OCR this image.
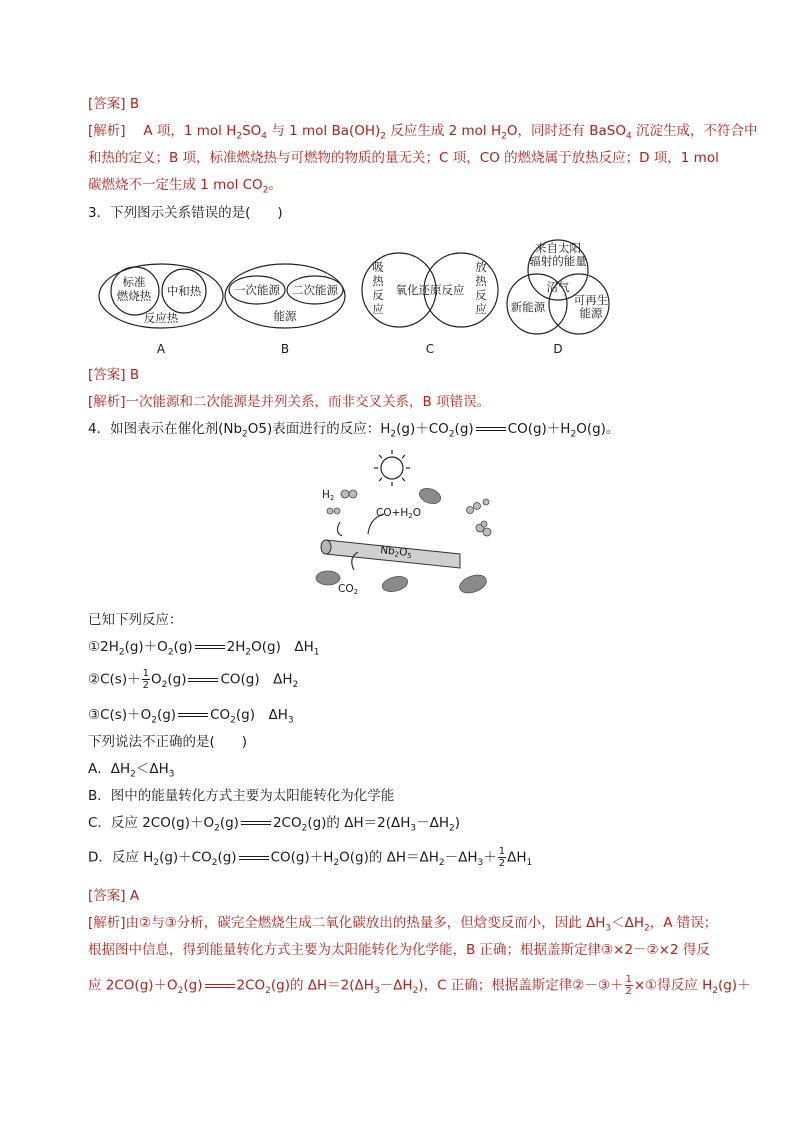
[答案] B
[解析]　 A 项，1 mol $H_2SO_4$ 与 1 mol $Ba(OH)_2$ 反应生成 2 mol $H_2O$，同时还有 BaSO$_4$ 沉淀生成，不符合中
和热的定义；B 项，标准燃烧热与可燃物的物质的量无关；C 项，CO 的燃烧属于放热反应；D 项，1 mol
碳燃烧不一定生成 1 mol $CO_2$。
3．下列图示关系错误的是(　　)
标准
燃烧热 中和热
反应热
一次能源 二次能源
能源
吸
热
反
应
放
热
反
应
氧化还原反应
来自太阳
辐射的能量
沼气
新能源 可再生
能源
A	B	C	D
[答案] B
[解析]一次能源和二次能源是并列关系，而非交叉关系，B 项错误。
4．如图表示在催化剂$(Nb_2O5)$表面进行的反应：$H_2(g)+CO_2(g)$	$CO(g)+H_2O(g)$。
H2
CO+H2O
Nb2O5
CO2
已知下列反应：
$①2H_2(g)+O_2(g)$	$2H_2O(g)$　$\Delta H_1$
②C(s)＋ $\frac{1}{2} O_2(g)$	CO(g)　$\Delta H_2$
$③C(s)+O_2(g)$	$CO_2(g)$　$\Delta H_3$
下列说法不正确的是(　　)
A．$\Delta H_2<\Delta H_3$
B．图中的能量转化方式主要为太阳能转化为化学能
C．反应 $2CO(g)+O_2(g)$	$2CO_2(g)$的 $\Delta H=2(\Delta H_3-\Delta H_2)$
D．反应 $H_2(g)+CO_2(g)$	$CO(g)+H_2O(g)$的 $\Delta H=\Delta H_2-\Delta H_3+ \frac{1}{2} \Delta H_1$
[答案] A
[解析]由②与③分析，碳完全燃烧生成二氧化碳放出的热量多，但焓变反而小，因此 $\Delta H_3<\Delta H_2$，A 错误；
根据图中信息，得到能量转化方式主要为太阳能转化为化学能，B 正确；根据盖斯定律③×2－②×2 得反
应 $2CO(g)+O_2(g)$	$2CO_2(g)$的 $\Delta H=2(\Delta H_3-\Delta H_2)$，C 正确；根据盖斯定律②－③＋ $\frac{1}{2}$ ×①得反应 $H_2(g)+$
